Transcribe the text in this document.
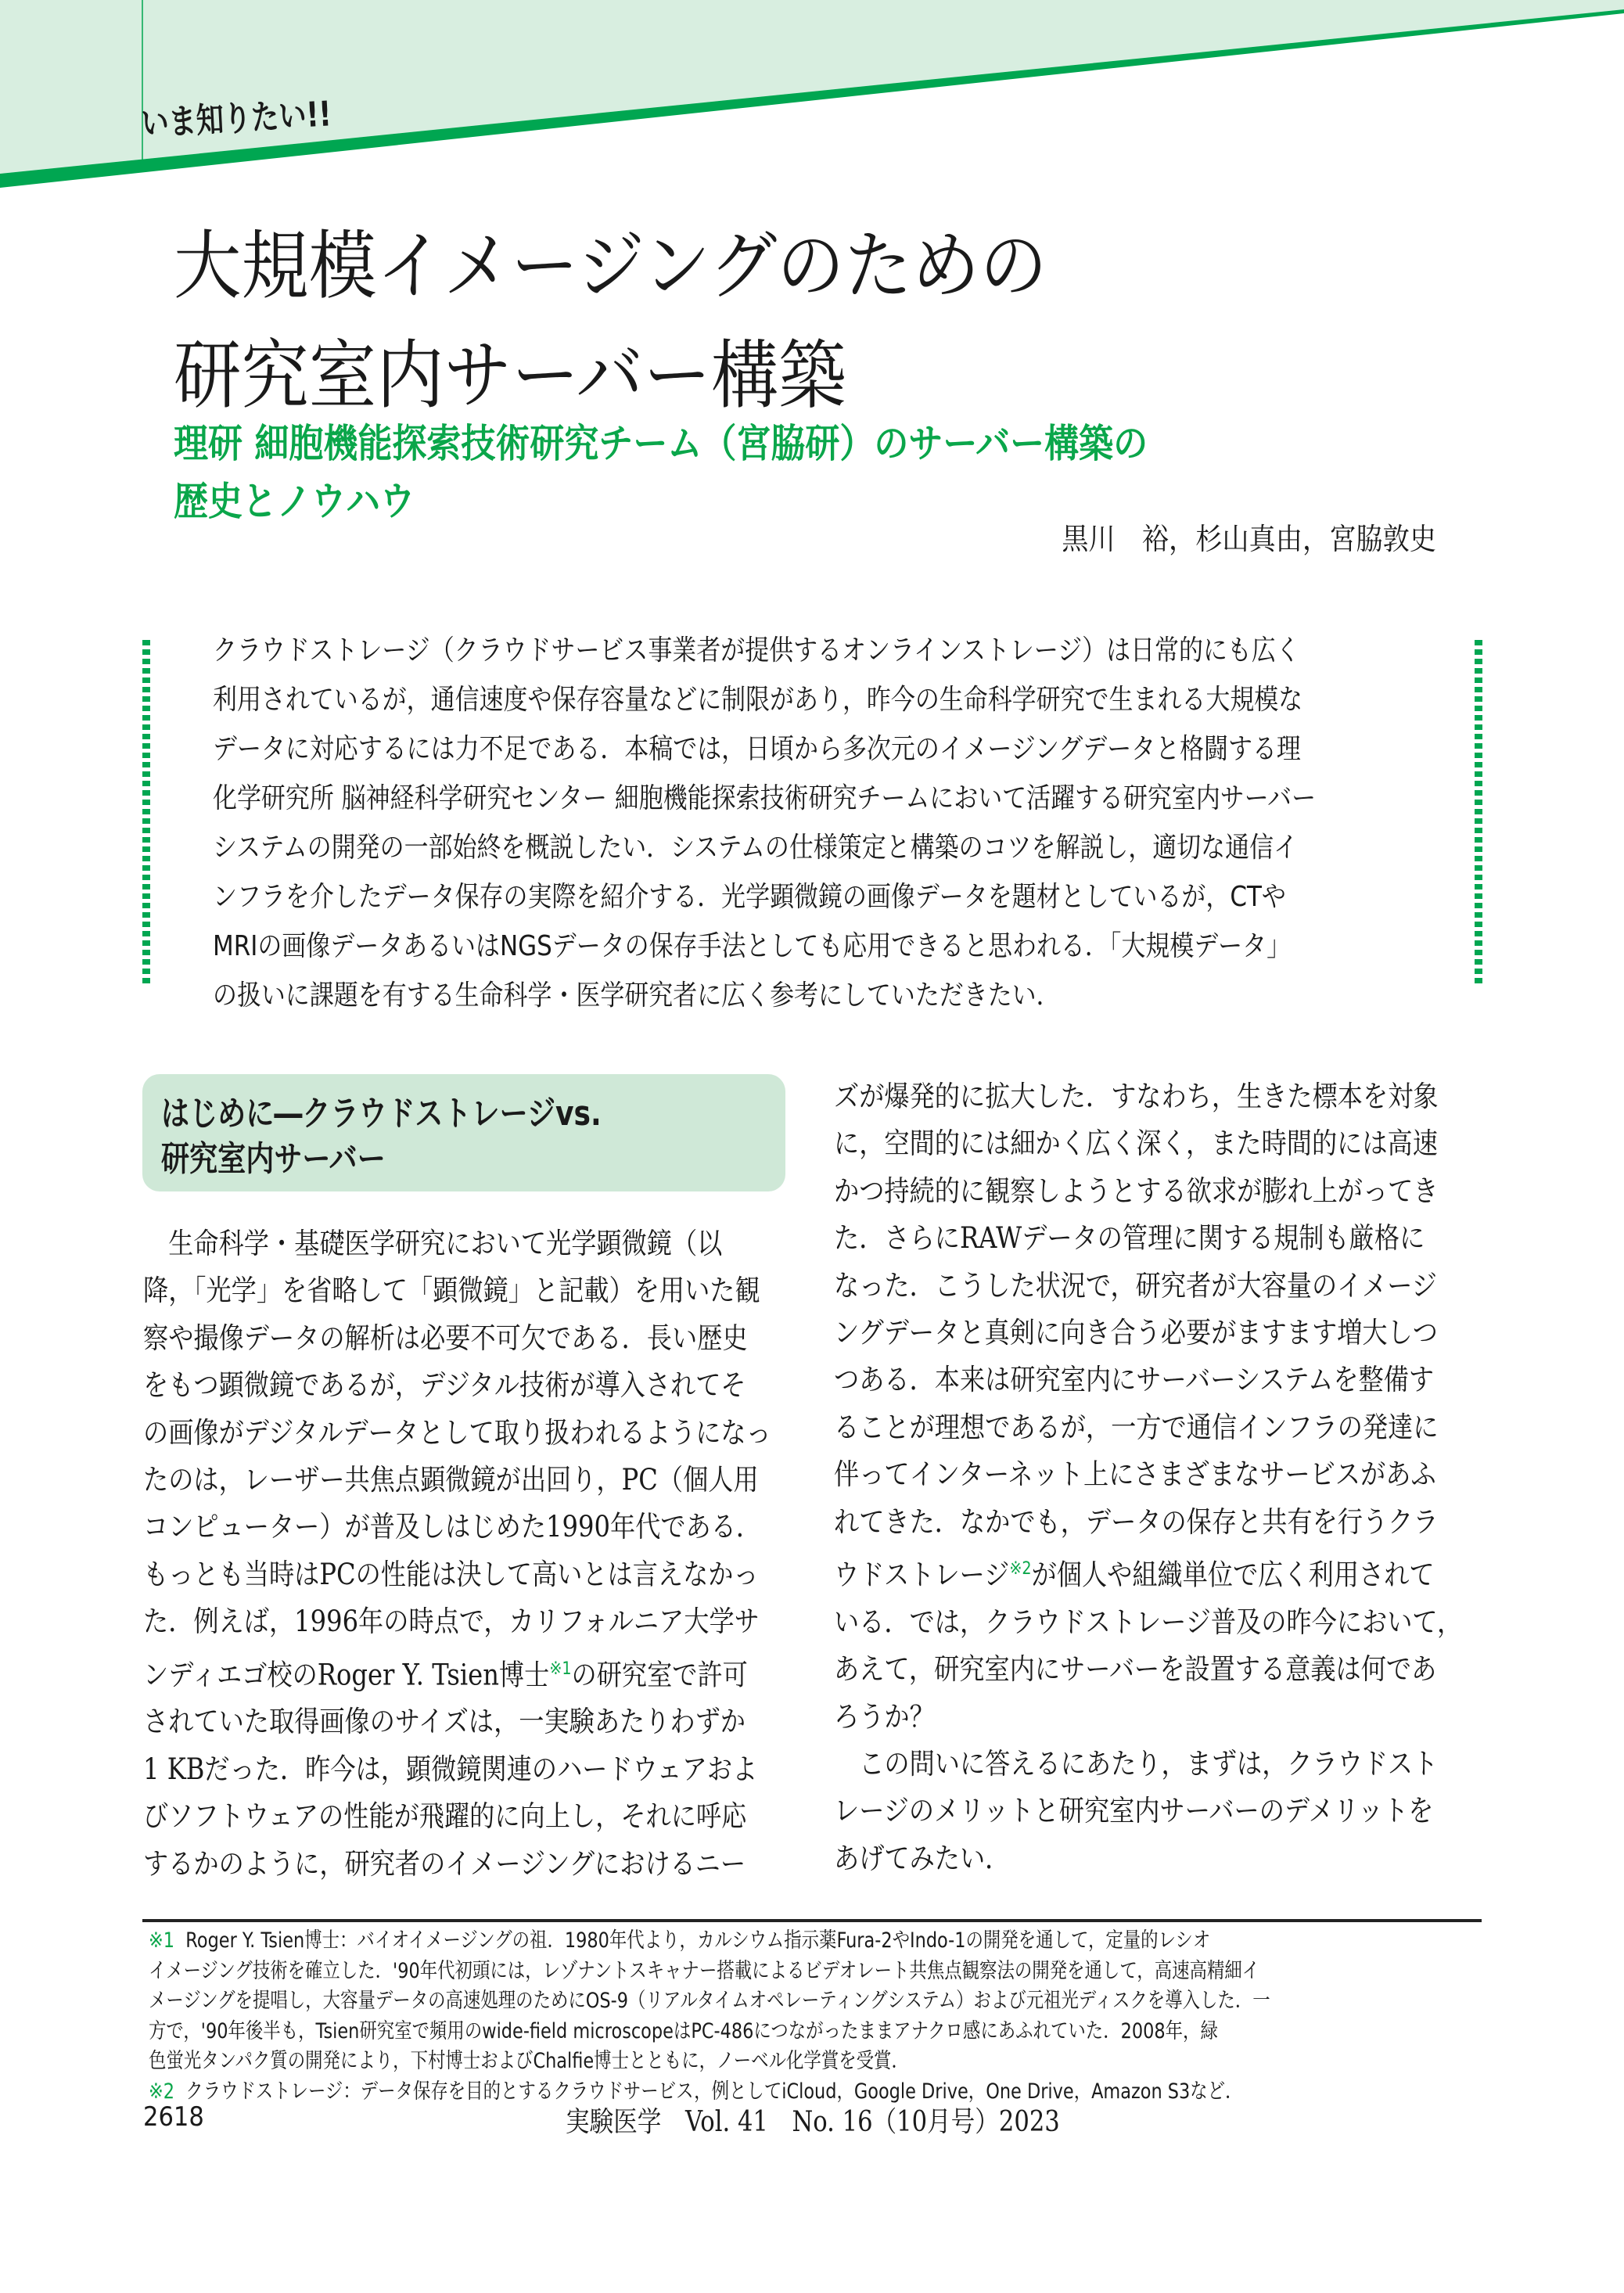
いま知りたい!!
大規模イメージングのための
研究室内サーバー構築
理研 細胞機能探索技術研究チーム（宮脇研）のサーバー構築の
歴史とノウハウ
黒川　裕，杉山真由，宮脇敦史

クラウドストレージ（クラウドサービス事業者が提供するオンラインストレージ）は日常的にも広く

利用されているが，通信速度や保存容量などに制限があり，昨今の生命科学研究で生まれる大規模な

データに対応するには力不足である．本稿では，日頃から多次元のイメージングデータと格闘する理

化学研究所 脳神経科学研究センター 細胞機能探索技術研究チームにおいて活躍する研究室内サーバー

システムの開発の一部始終を概説したい．システムの仕様策定と構築のコツを解説し，適切な通信イ

ンフラを介したデータ保存の実際を紹介する．光学顕微鏡の画像データを題材としているが，CTや

MRIの画像データあるいはNGSデータの保存手法としても応用できると思われる．「大規模データ」

の扱いに課題を有する生命科学・医学研究者に広く参考にしていただきたい．

はじめに―クラウドストレージvs.
研究室内サーバー
　生命科学・基礎医学研究において光学顕微鏡（以
降，「光学」を省略して「顕微鏡」と記載）を用いた観
察や撮像データの解析は必要不可欠である．長い歴史
をもつ顕微鏡であるが，デジタル技術が導入されてそ
の画像がデジタルデータとして取り扱われるようになっ
たのは，レーザー共焦点顕微鏡が出回り，PC（個人用
コンピューター）が普及しはじめた1990年代である．
もっとも当時はPCの性能は決して高いとは言えなかっ
た．例えば，1996年の時点で，カリフォルニア大学サ
ンディエゴ校のRoger Y. Tsien博士$^{※1}$の研究室で許可
されていた取得画像のサイズは，一実験あたりわずか
1 KBだった．昨今は，顕微鏡関連のハードウェアおよ
びソフトウェアの性能が飛躍的に向上し，それに呼応
するかのように，研究者のイメージングにおけるニー
ズが爆発的に拡大した．すなわち，生きた標本を対象
に，空間的には細かく広く深く，また時間的には高速
かつ持続的に観察しようとする欲求が膨れ上がってき
た．さらにRAWデータの管理に関する規制も厳格に
なった．こうした状況で，研究者が大容量のイメージ
ングデータと真剣に向き合う必要がますます増大しつ
つある．本来は研究室内にサーバーシステムを整備す
ることが理想であるが，一方で通信インフラの発達に
伴ってインターネット上にさまざまなサービスがあふ
れてきた．なかでも，データの保存と共有を行うクラ
ウドストレージ$^{※2}$が個人や組織単位で広く利用されて
いる．では，クラウドストレージ普及の昨今において，
あえて，研究室内にサーバーを設置する意義は何であ
ろうか？
　この問いに答えるにあたり，まずは，クラウドスト
レージのメリットと研究室内サーバーのデメリットを
あげてみたい．
※1 Roger Y. Tsien博士：バイオイメージングの祖．1980年代より，カルシウム指示薬Fura-2やIndo-1の開発を通して，定量的レシオ
イメージング技術を確立した．'90年代初頭には，レゾナントスキャナー搭載によるビデオレート共焦点観察法の開発を通して，高速高精細イ
メージングを提唱し，大容量データの高速処理のためにOS-9（リアルタイムオペレーティングシステム）および元祖光ディスクを導入した．一
方で，'90年後半も，Tsien研究室で頻用のwide-field microscopeはPC-486につながったままアナクロ感にあふれていた．2008年，緑
色蛍光タンパク質の開発により，下村博士およびChalfie博士とともに，ノーベル化学賞を受賞．
※2 クラウドストレージ：データ保存を目的とするクラウドサービス，例としてiCloud，Google Drive，One Drive，Amazon S3など．
2618	実験医学　Vol. 41　No. 16（10月号）2023
